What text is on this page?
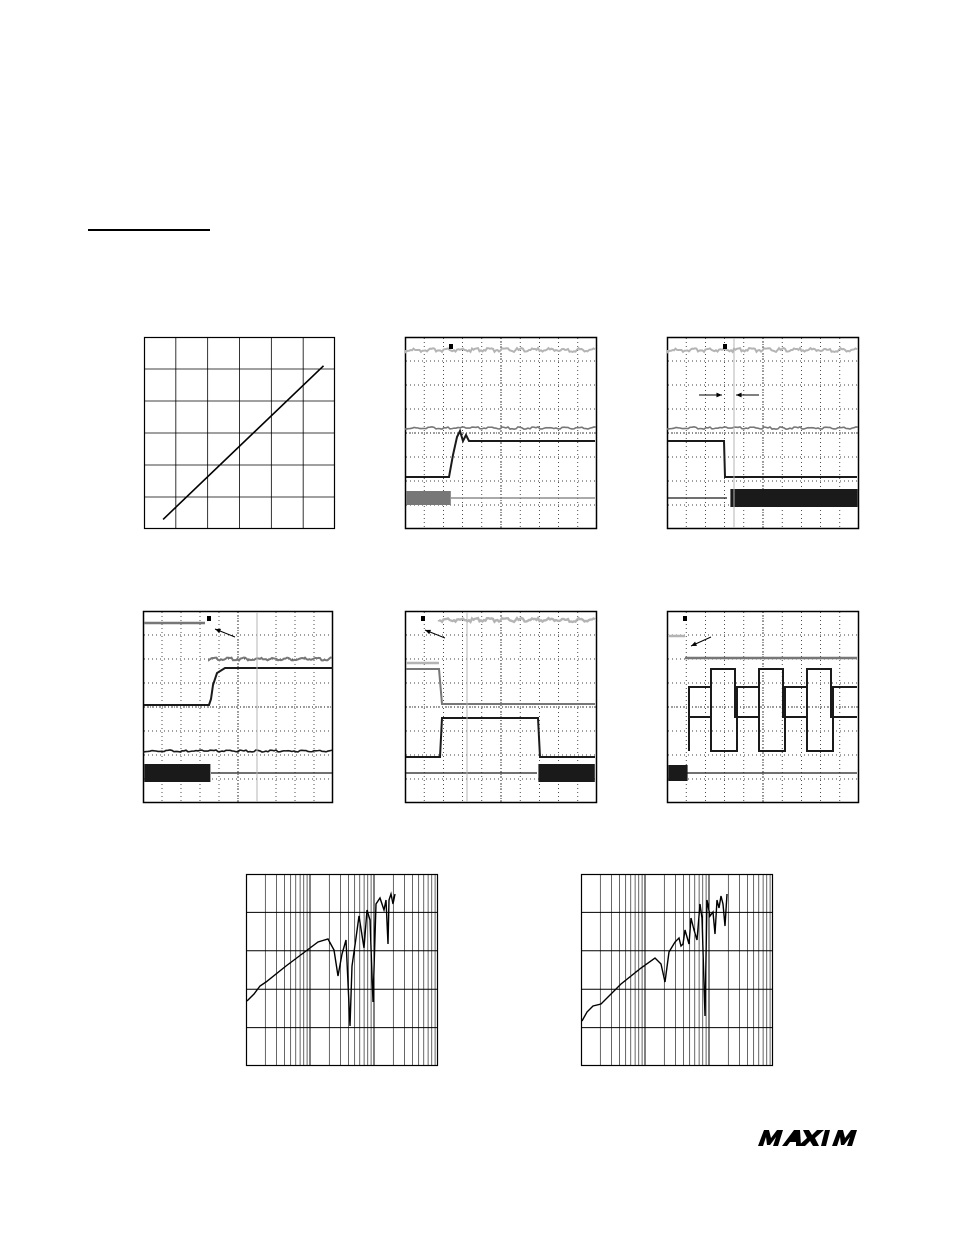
MAXIM
